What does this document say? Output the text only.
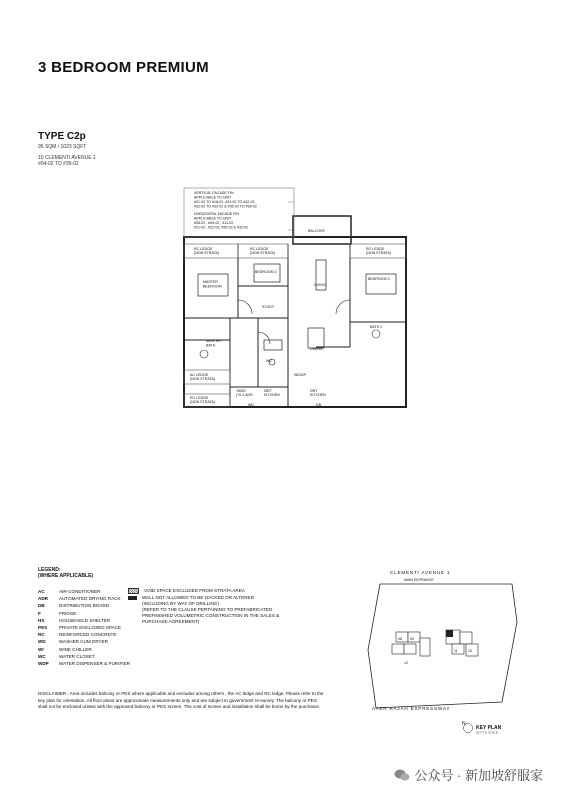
3 BEDROOM PREMIUM
TYPE C2p
95 SQM / 1023 SQFT
10 CLEMENTI AVENUE 1
#04-02 TO #39-02
VERTICAL FACADE FIN
APPLICABLE TO UNIT
#01-02 TO #18-02, #31-02 TO #32-02,
#32-02 TO #33-02 & #35-02 TO #39-02
HORIZONTAL FACADE FIN
APPLICABLE TO UNIT
#08-02 , #09-02 , #11-02,
#21-02 , #22-02, #25-02 & #32-02
BALCONY
RC LEDGE
(NON STRATA)
RC LEDGE
(NON STRATA)
RC LEDGE
(NON STRATA)
MASTER
BEDROOM
BEDROOM 2
BEDROOM 3
LIVING
BATH 2
STUDY
DINING
MASTER
BATH
WC
AC LEDGE
(NON STRATA)
RC LEDGE
(NON STRATA)
YARD
(+0.3 ADR
WET
KITCHEN
DRY
KITCHEN
WD/DP
WD	DB
LEGEND:
(WHERE APPLICABLE)
AC	AIR-CONDITIONER
ADR AUTOMATED DRYING RACK
DB	DISTRIBUTION BOARD
F	FRIDGE
HS	HOUSEHOLD SHELTER
PES	PRIVATE ENCLOSED SPACE
RC	REINFORCED CONCRETE
WD	WASHER CUM DRYER
WI	WINE CHILLER
WC	WATER CLOSET
WDP WATER DISPENSER & PURIFIER
VOID SPACE EXCLUDED FROM STRATA AREA
WALL NOT ALLOWED TO BE HACKED OR ALTERED
(INCLUDING BY WAY OF DRILLING)
(REFER TO THE CLAUSE PERTAINING TO PREFABRICATED
PREFINISHED VOLUMETRIC CONSTRUCTION IN THE SALES &
PURCHASE AGREEMENT)
DISCLAIMER : Area includes balcony or PES where applicable and excludes among others , the AC ledge and RC ledge. Please refer to the key plan for orientation. All floor plans are approximate measurements only and are subject to government re-survey. The balcony or PES shall not be enclosed unless with the approved balcony or PES screen. The cost of screen and installation shall be borne by the purchaser.
CLEMENTI AVENUE 1
MAIN ENTRANCE
08 09
10
11
12
AYER RAJAH EXPRESSWAY
N
KEY PLAN
NOT TO SCALE
公众号 · 新加坡舒服家
